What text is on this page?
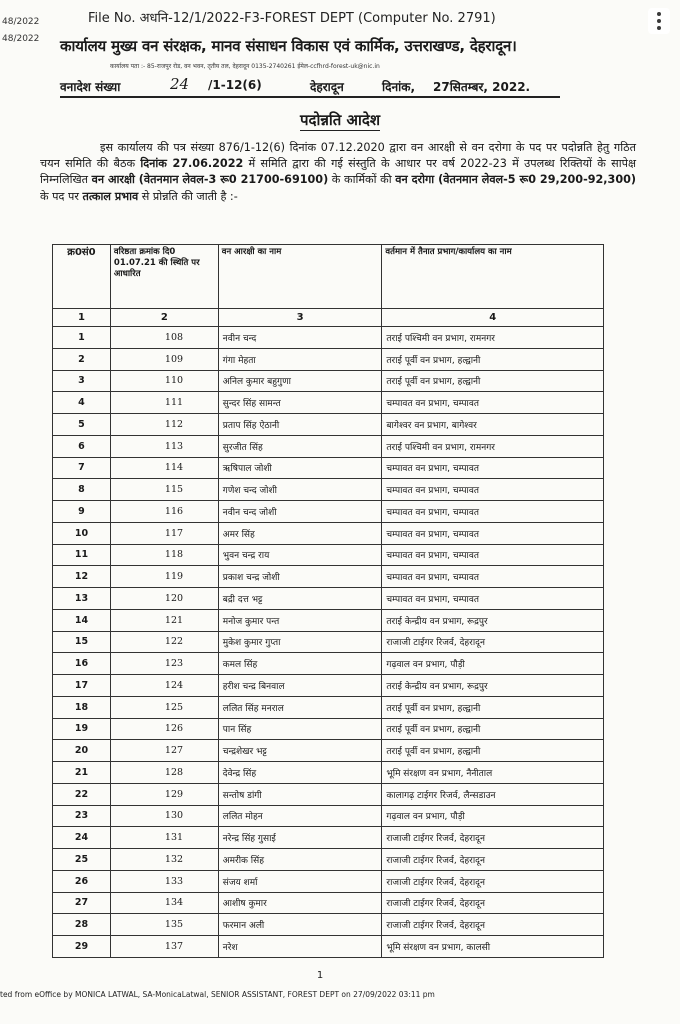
48/2022
48/2022
File No. अधनि-12/1/2022-F3-FOREST DEPT (Computer No. 2791)
कार्यालय मुख्य वन संरक्षक, मानव संसाधन विकास एवं कार्मिक, उत्तराखण्ड, देहरादून।
कार्यालय पता :- 85-राजपुर रोड, वन भवन, तृतीय तल, देहरादून 0135-2740261 ईमेल-ccfhrd-forest-uk@nic.in
वनादेश संख्या	24 /1-12(6)	देहरादून	दिनांक, 27सितम्बर, 2022.
पदोन्नति आदेश

इस कार्यालय की पत्र संख्या 876/1-12(6) दिनांक 07.12.2020 द्वारा वन आरक्षी से वन दरोगा के पद पर पदोन्नति हेतु गठित चयन समिति की बैठक दिनांक 27.06.2022 में समिति द्वारा की गई संस्तुति के आधार पर वर्ष 2022-23 में उपलब्ध रिक्तियों के सापेक्ष निम्नलिखित वन आरक्षी (वेतनमान लेवल-3 रू0 21700-69100) के कार्मिकों की वन दरोगा (वेतनमान लेवल-5 रू0 29,200-92,300) के पद पर तत्काल प्रभाव से प्रोन्नति की जाती है :-

क्र0सं0	वरिष्ठता क्रमांक दि0 01.07.21 की स्थिति पर आधारित	वन आरक्षी का नाम	वर्तमान में तैनात प्रभाग/कार्यालय का नाम
1	2	3	4
1	108	नवीन चन्द	तराई पश्चिमी वन प्रभाग, रामनगर
2	109	गंगा मेहता	तराई पूर्वी वन प्रभाग, हल्द्वानी
3	110	अनिल कुमार बहुगुणा	तराई पूर्वी वन प्रभाग, हल्द्वानी
4	111	सुन्दर सिंह सामन्त	चम्पावत वन प्रभाग, चम्पावत
5	112	प्रताप सिंह ऐठानी	बागेश्वर वन प्रभाग, बागेश्वर
6	113	सुरजीत सिंह	तराई पश्चिमी वन प्रभाग, रामनगर
7	114	ऋषिपाल जोशी	चम्पावत वन प्रभाग, चम्पावत
8	115	गणेश चन्द जोशी	चम्पावत वन प्रभाग, चम्पावत
9	116	नवीन चन्द जोशी	चम्पावत वन प्रभाग, चम्पावत
10	117	अमर सिंह	चम्पावत वन प्रभाग, चम्पावत
11	118	भुवन चन्द्र राय	चम्पावत वन प्रभाग, चम्पावत
12	119	प्रकाश चन्द्र जोशी	चम्पावत वन प्रभाग, चम्पावत
13	120	बद्री दत्त भट्ट	चम्पावत वन प्रभाग, चम्पावत
14	121	मनोज कुमार पन्त	तराई केन्द्रीय वन प्रभाग, रूद्रपुर
15	122	मुकेश कुमार गुप्ता	राजाजी टाईगर रिजर्व, देहरादून
16	123	कमल सिंह	गढ़वाल वन प्रभाग, पौड़ी
17	124	हरीश चन्द्र बिनवाल	तराई केन्द्रीय वन प्रभाग, रूद्रपुर
18	125	ललित सिंह मनराल	तराई पूर्वी वन प्रभाग, हल्द्वानी
19	126	पान सिंह	तराई पूर्वी वन प्रभाग, हल्द्वानी
20	127	चन्द्रशेखर भट्ट	तराई पूर्वी वन प्रभाग, हल्द्वानी
21	128	देवेन्द्र सिंह	भूमि संरक्षण वन प्रभाग, नैनीताल
22	129	सन्तोष डांगी	कालागढ़ टाईगर रिजर्व, लैन्सडाउन
23	130	ललित मोहन	गढ़वाल वन प्रभाग, पौड़ी
24	131	नरेन्द्र सिंह गुसाई	राजाजी टाईगर रिजर्व, देहरादून
25	132	अमरीक सिंह	राजाजी टाईगर रिजर्व, देहरादून
26	133	संजय शर्मा	राजाजी टाईगर रिजर्व, देहरादून
27	134	आशीष कुमार	राजाजी टाईगर रिजर्व, देहरादून
28	135	फरमान अली	राजाजी टाईगर रिजर्व, देहरादून
29	137	नरेश	भूमि संरक्षण वन प्रभाग, कालसी
1
ted from eOffice by MONICA LATWAL, SA-MonicaLatwal, SENIOR ASSISTANT, FOREST DEPT on 27/09/2022 03:11 pm
